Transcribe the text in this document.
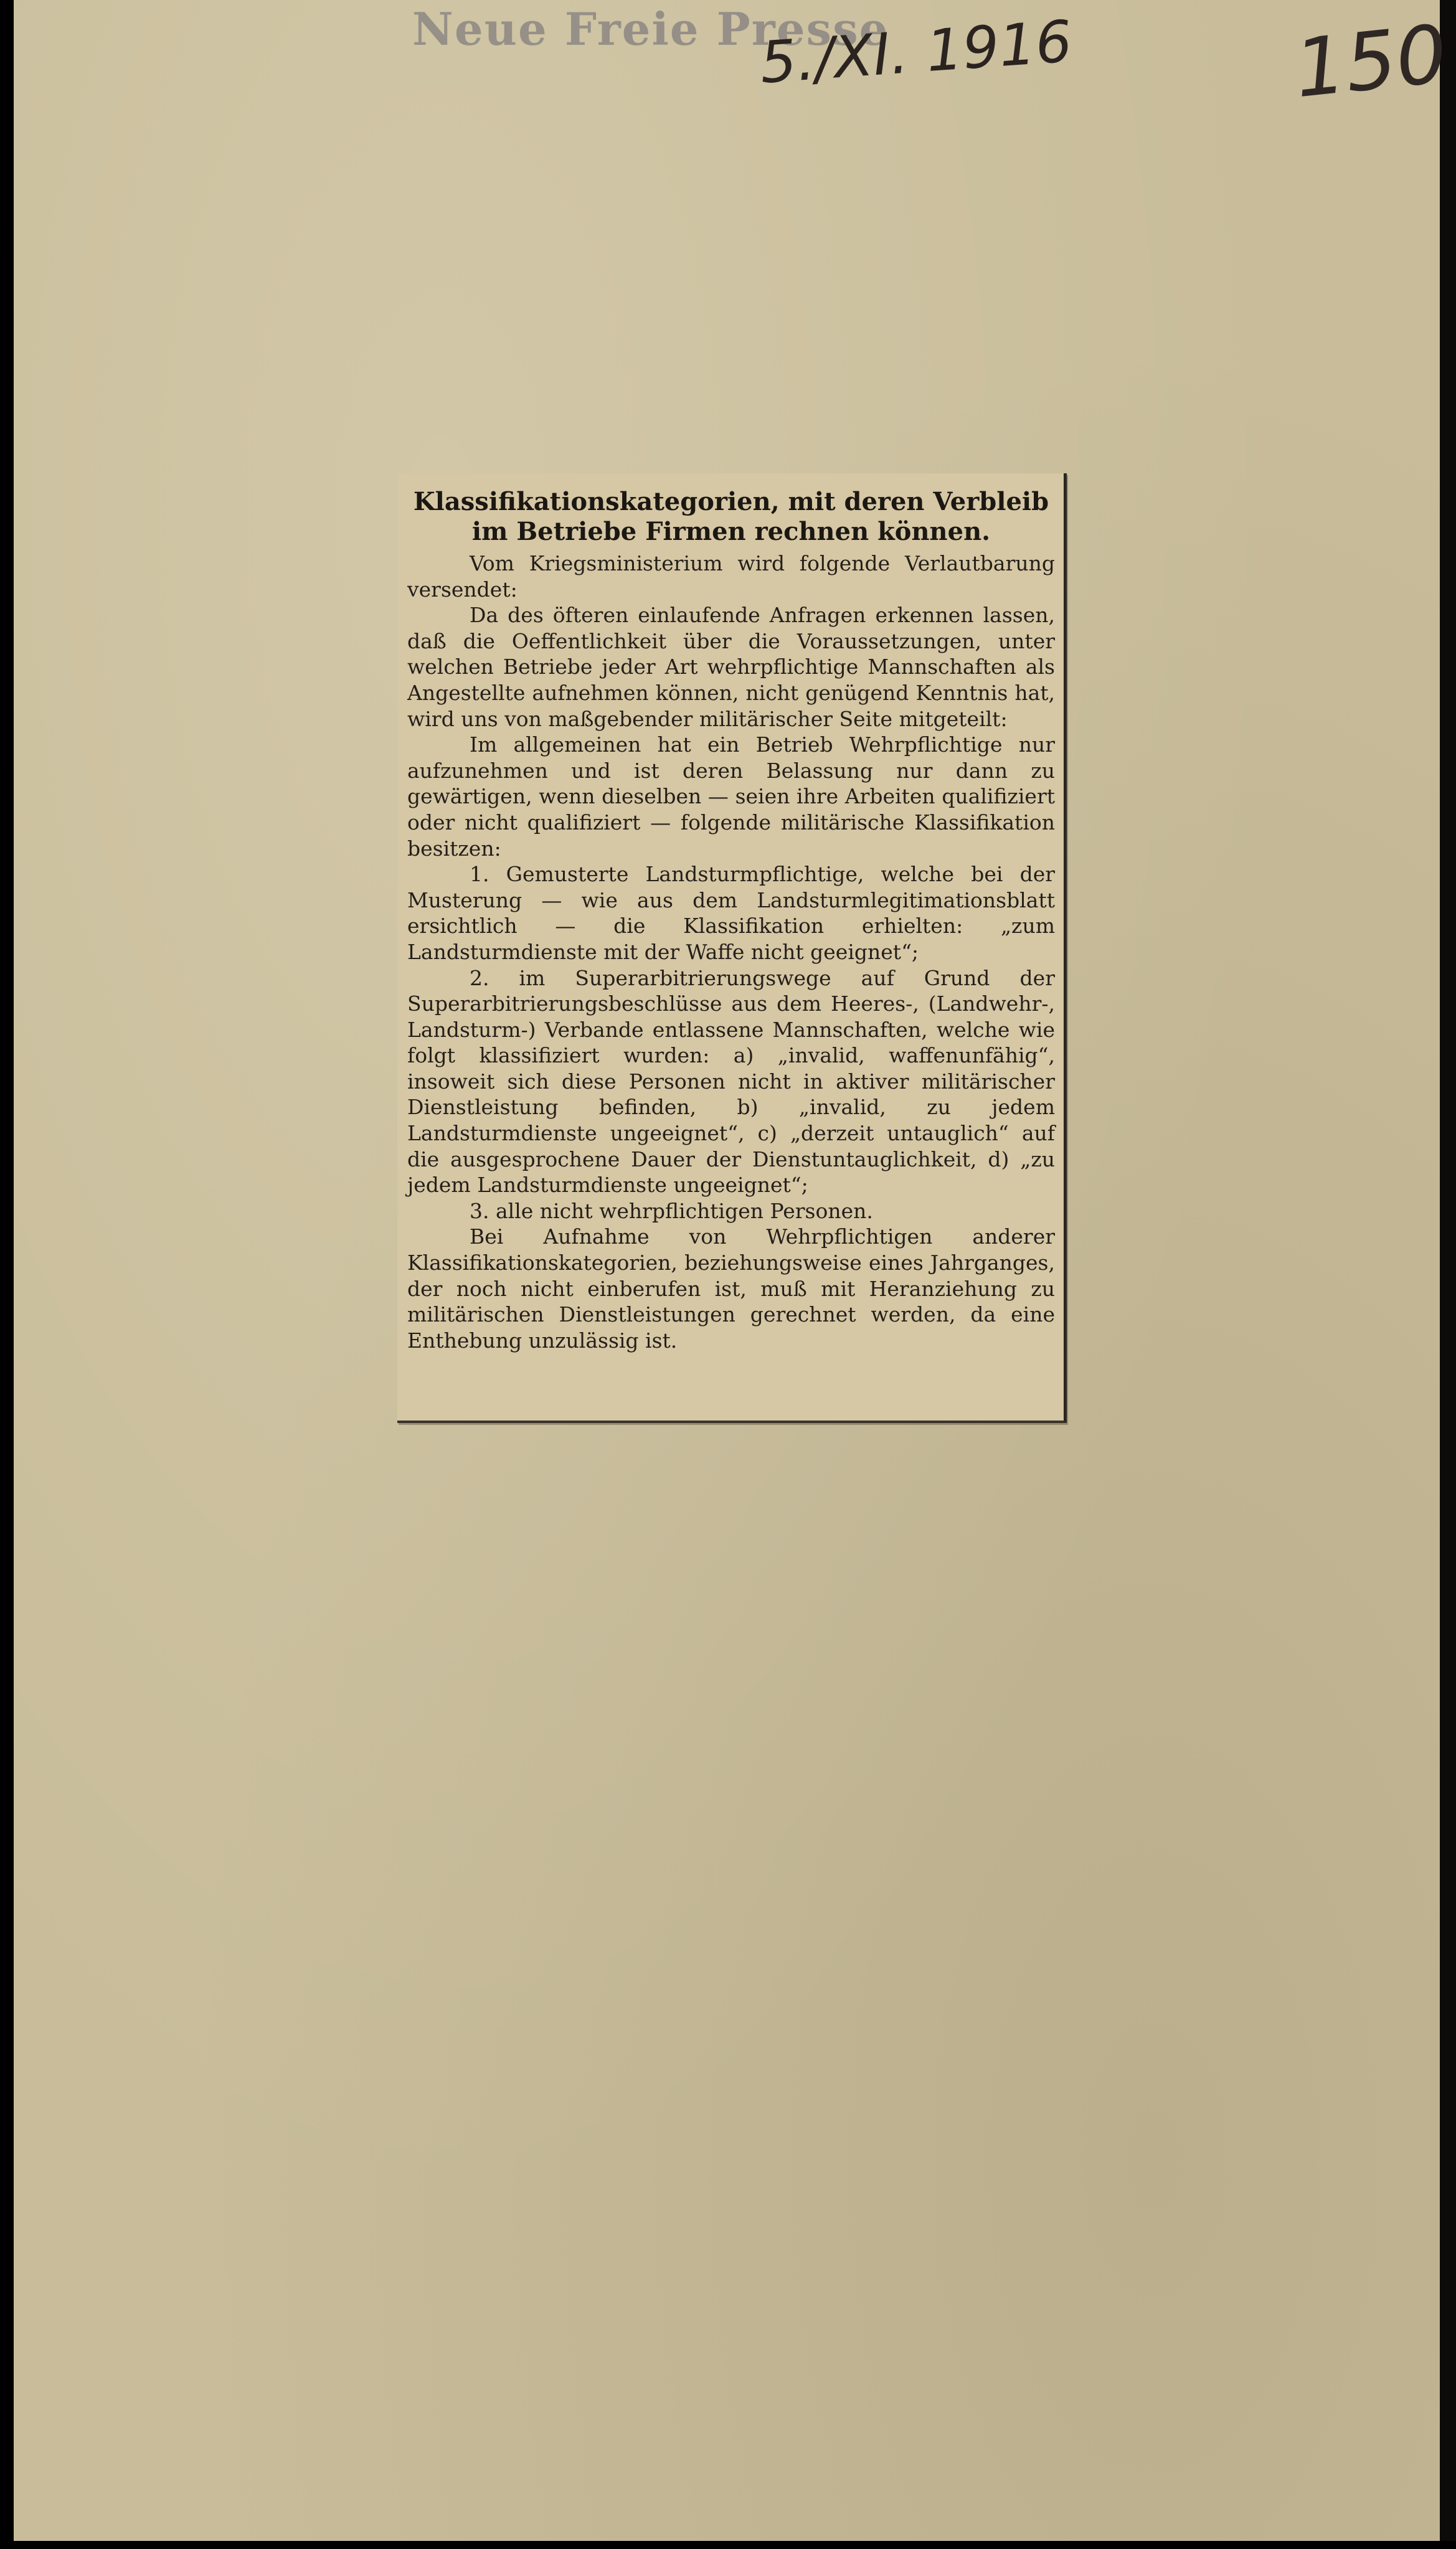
Neue Freie Presse
5./XI. 1916	150
Klassifikationskategorien, mit deren Verbleib im Betriebe Firmen rechnen können.

Vom Kriegsministerium wird folgende Verlautbarung versendet:

Da des öfteren einlaufende Anfragen erkennen lassen, daß die Oeffentlichkeit über die Voraussetzungen, unter welchen Betriebe jeder Art wehrpflichtige Mannschaften als Angestellte aufnehmen können, nicht genügend Kenntnis hat, wird uns von maßgebender militärischer Seite mitgeteilt:

Im allgemeinen hat ein Betrieb Wehrpflichtige nur aufzunehmen und ist deren Belassung nur dann zu gewärtigen, wenn dieselben — seien ihre Arbeiten qualifiziert oder nicht qualifiziert — folgende militärische Klassifikation besitzen:

1. Gemusterte Landsturmpflichtige, welche bei der Musterung — wie aus dem Landsturmlegitimationsblatt ersichtlich — die Klassifikation erhielten: „zum Landsturmdienste mit der Waffe nicht geeignet“;

2. im Superarbitrierungswege auf Grund der Superarbitrierungsbeschlüsse aus dem Heeres-, (Landwehr-, Landsturm-) Verbande entlassene Mannschaften, welche wie folgt klassifiziert wurden: a) „invalid, waffenunfähig“, insoweit sich diese Personen nicht in aktiver militärischer Dienstleistung befinden, b) „invalid, zu jedem Landsturmdienste ungeeignet“, c) „derzeit untauglich“ auf die ausgesprochene Dauer der Dienstuntauglichkeit, d) „zu jedem Landsturmdienste ungeeignet“;

3. alle nicht wehrpflichtigen Personen.

Bei Aufnahme von Wehrpflichtigen anderer Klassifikationskategorien, beziehungsweise eines Jahrganges, der noch nicht einberufen ist, muß mit Heranziehung zu militärischen Dienstleistungen gerechnet werden, da eine Enthebung unzulässig ist.
